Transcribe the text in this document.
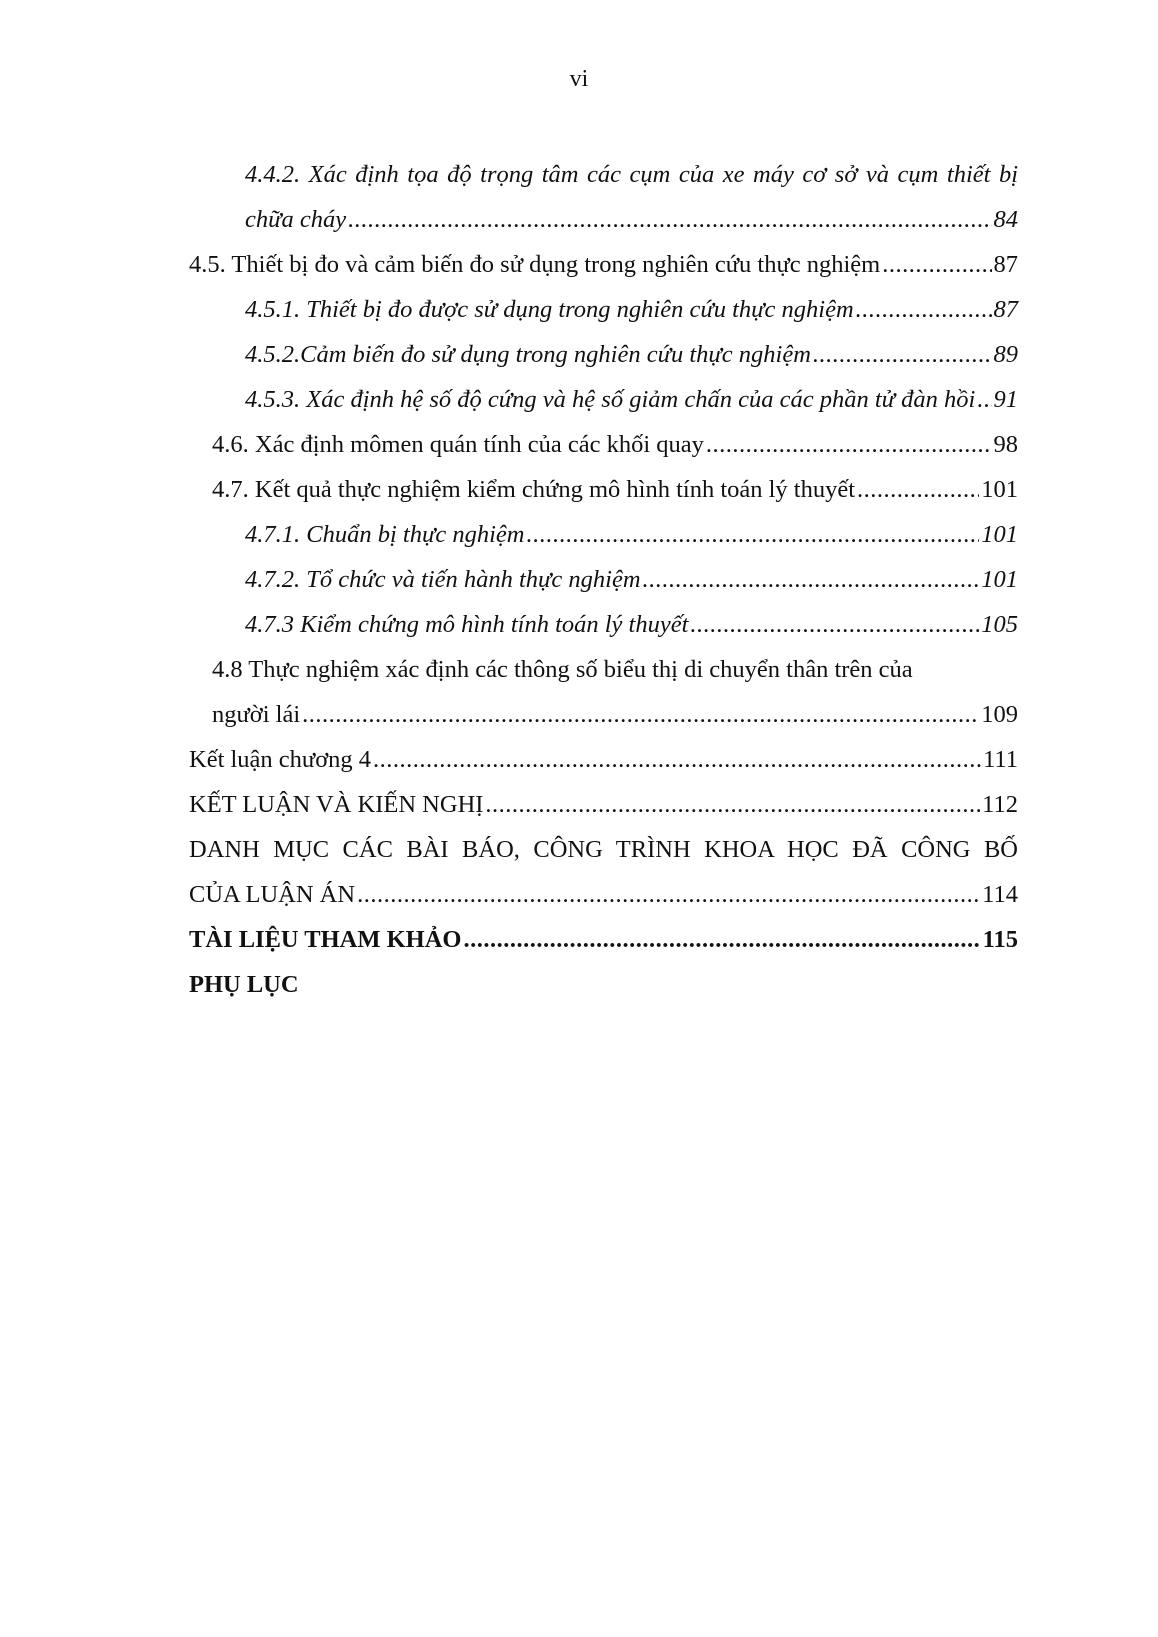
vi
4.4.2. Xác định tọa độ trọng tâm các cụm của xe máy cơ sở và cụm thiết bị
chữa cháy .....	84
4.5. Thiết bị đo và cảm biến đo sử dụng trong nghiên cứu thực nghiệm .....	87
4.5.1. Thiết bị đo được sử dụng trong nghiên cứu thực nghiệm .....	87
4.5.2.Cảm biến đo sử dụng trong nghiên cứu thực nghiệm .....	89
4.5.3. Xác định hệ số độ cứng và hệ số giảm chấn của các phần tử đàn hồi ..... 91
4.6. Xác định mômen quán tính của các khối quay .....	98
4.7. Kết quả thực nghiệm kiểm chứng mô hình tính toán lý thuyết .....	101
4.7.1. Chuẩn bị thực nghiệm .....	101
4.7.2. Tổ chức và tiến hành thực nghiệm .....	101
4.7.3 Kiểm chứng mô hình tính toán lý thuyết .....	105
4.8 Thực nghiệm xác định các thông số biểu thị di chuyển thân trên của
người lái .....	109
Kết luận chương 4 .....	111
KẾT LUẬN VÀ KIẾN NGHỊ .....	112
DANH MỤC CÁC BÀI BÁO, CÔNG TRÌNH KHOA HỌC ĐÃ CÔNG BỐ
CỦA LUẬN ÁN .....	114
TÀI LIỆU THAM KHẢO .....	115
PHỤ LỤC
